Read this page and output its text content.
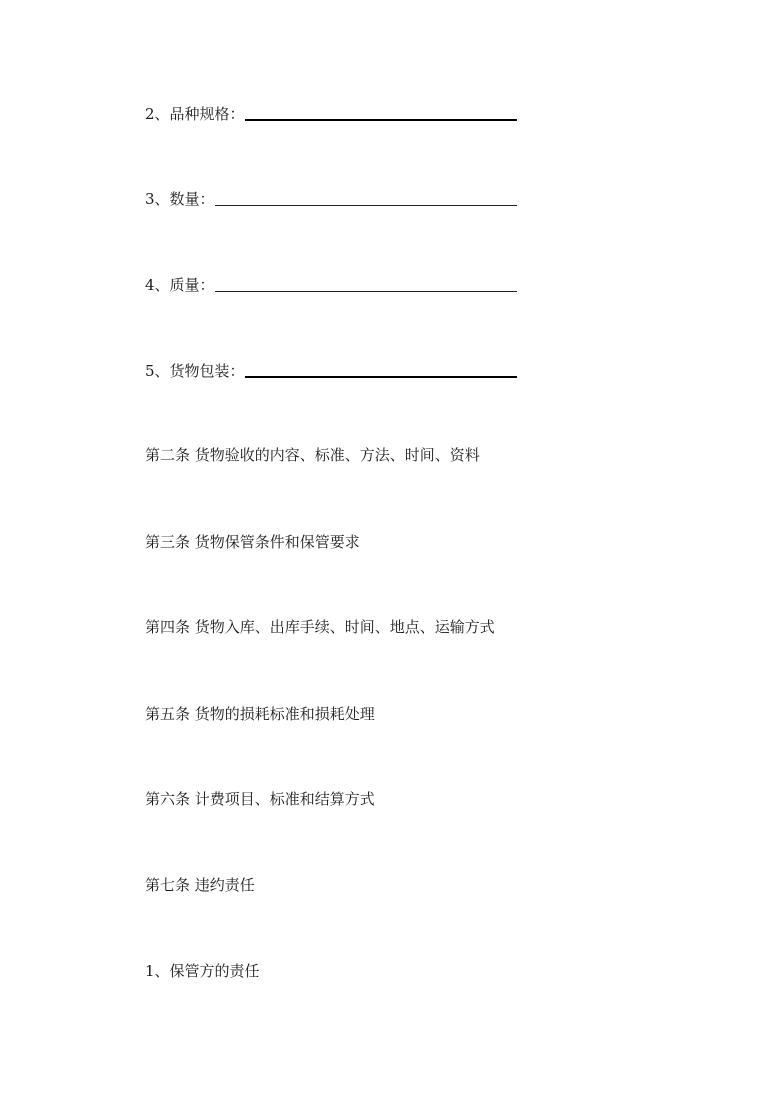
2、品种规格：
3、数量：
4、质量：
5、货物包装：
第二条 货物验收的内容、标准、方法、时间、资料
第三条 货物保管条件和保管要求
第四条 货物入库、出库手续、时间、地点、运输方式
第五条 货物的损耗标准和损耗处理
第六条 计费项目、标准和结算方式
第七条 违约责任
1、保管方的责任
